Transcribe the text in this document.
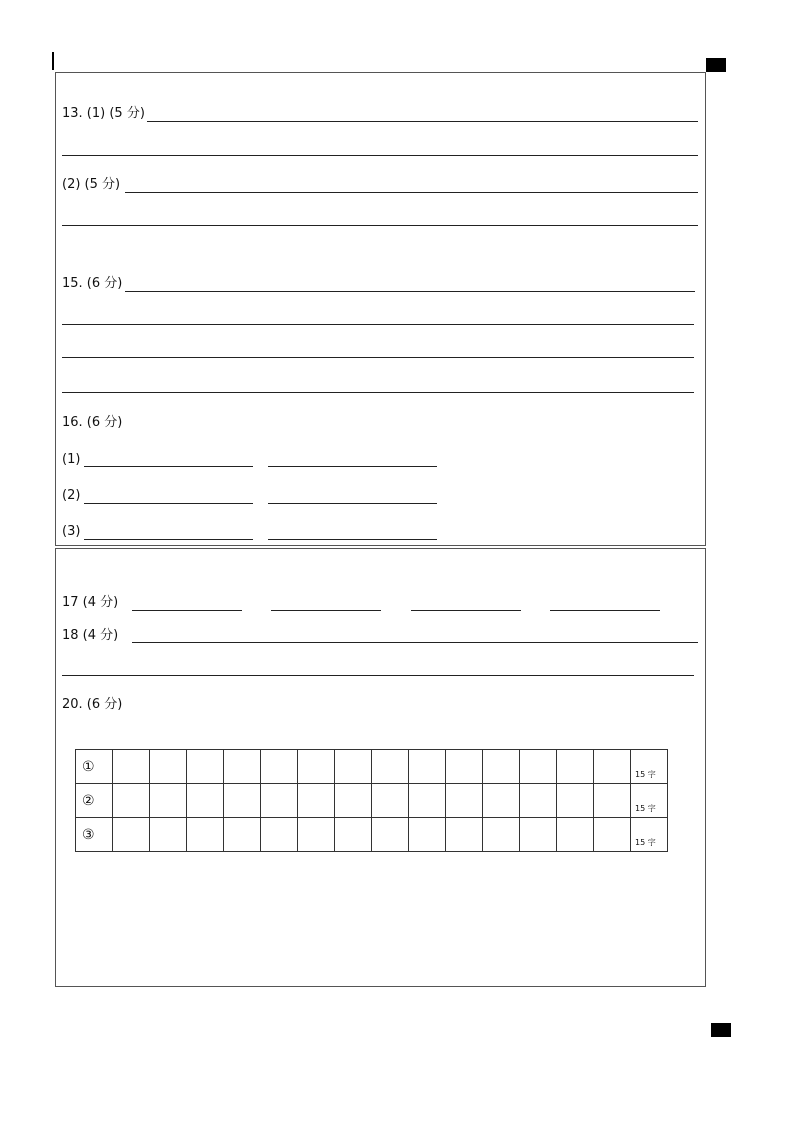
13. (1) (5 分)
(2) (5 分)
15. (6 分)
16. (6 分)
(1)
(2)
(3)
17 (4 分)
18 (4 分)
20. (6 分)
①															15 字
②															15 字
③															15 字
